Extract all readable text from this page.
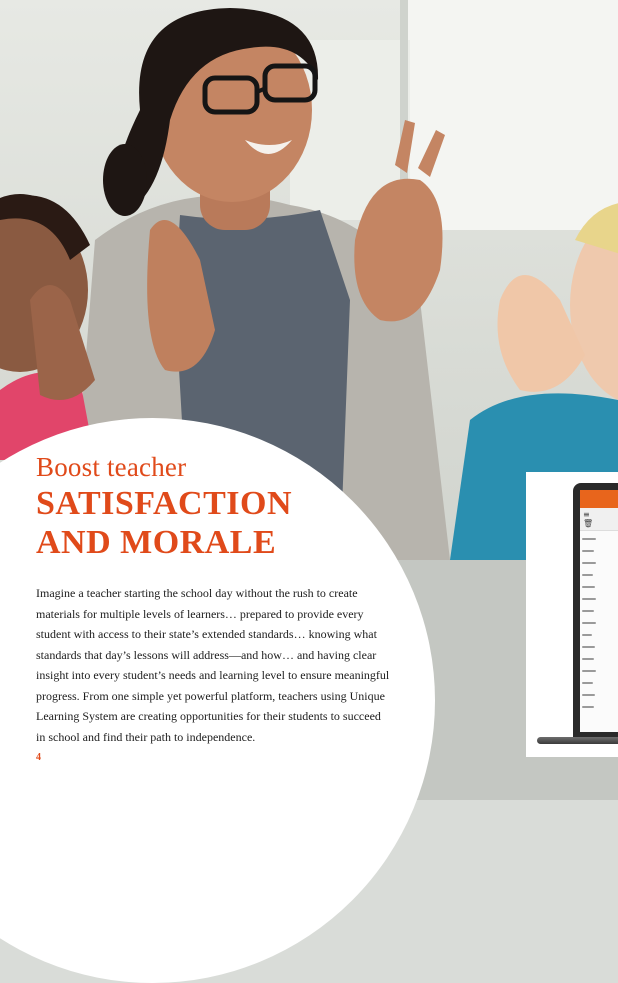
Boost teacher
SATISFACTION
AND MORALE

Imagine a teacher starting the school day without the rush to create
materials for multiple levels of learners… prepared to provide every
student with access to their state’s extended standards… knowing what
standards that day’s lessons will address—and how… and having clear
insight into every student’s needs and learning level to ensure meaningful
progress. From one simple yet powerful platform, teachers using Unique
Learning System are creating opportunities for their students to succeed
in school and find their path to independence.

4
≡
🗑
